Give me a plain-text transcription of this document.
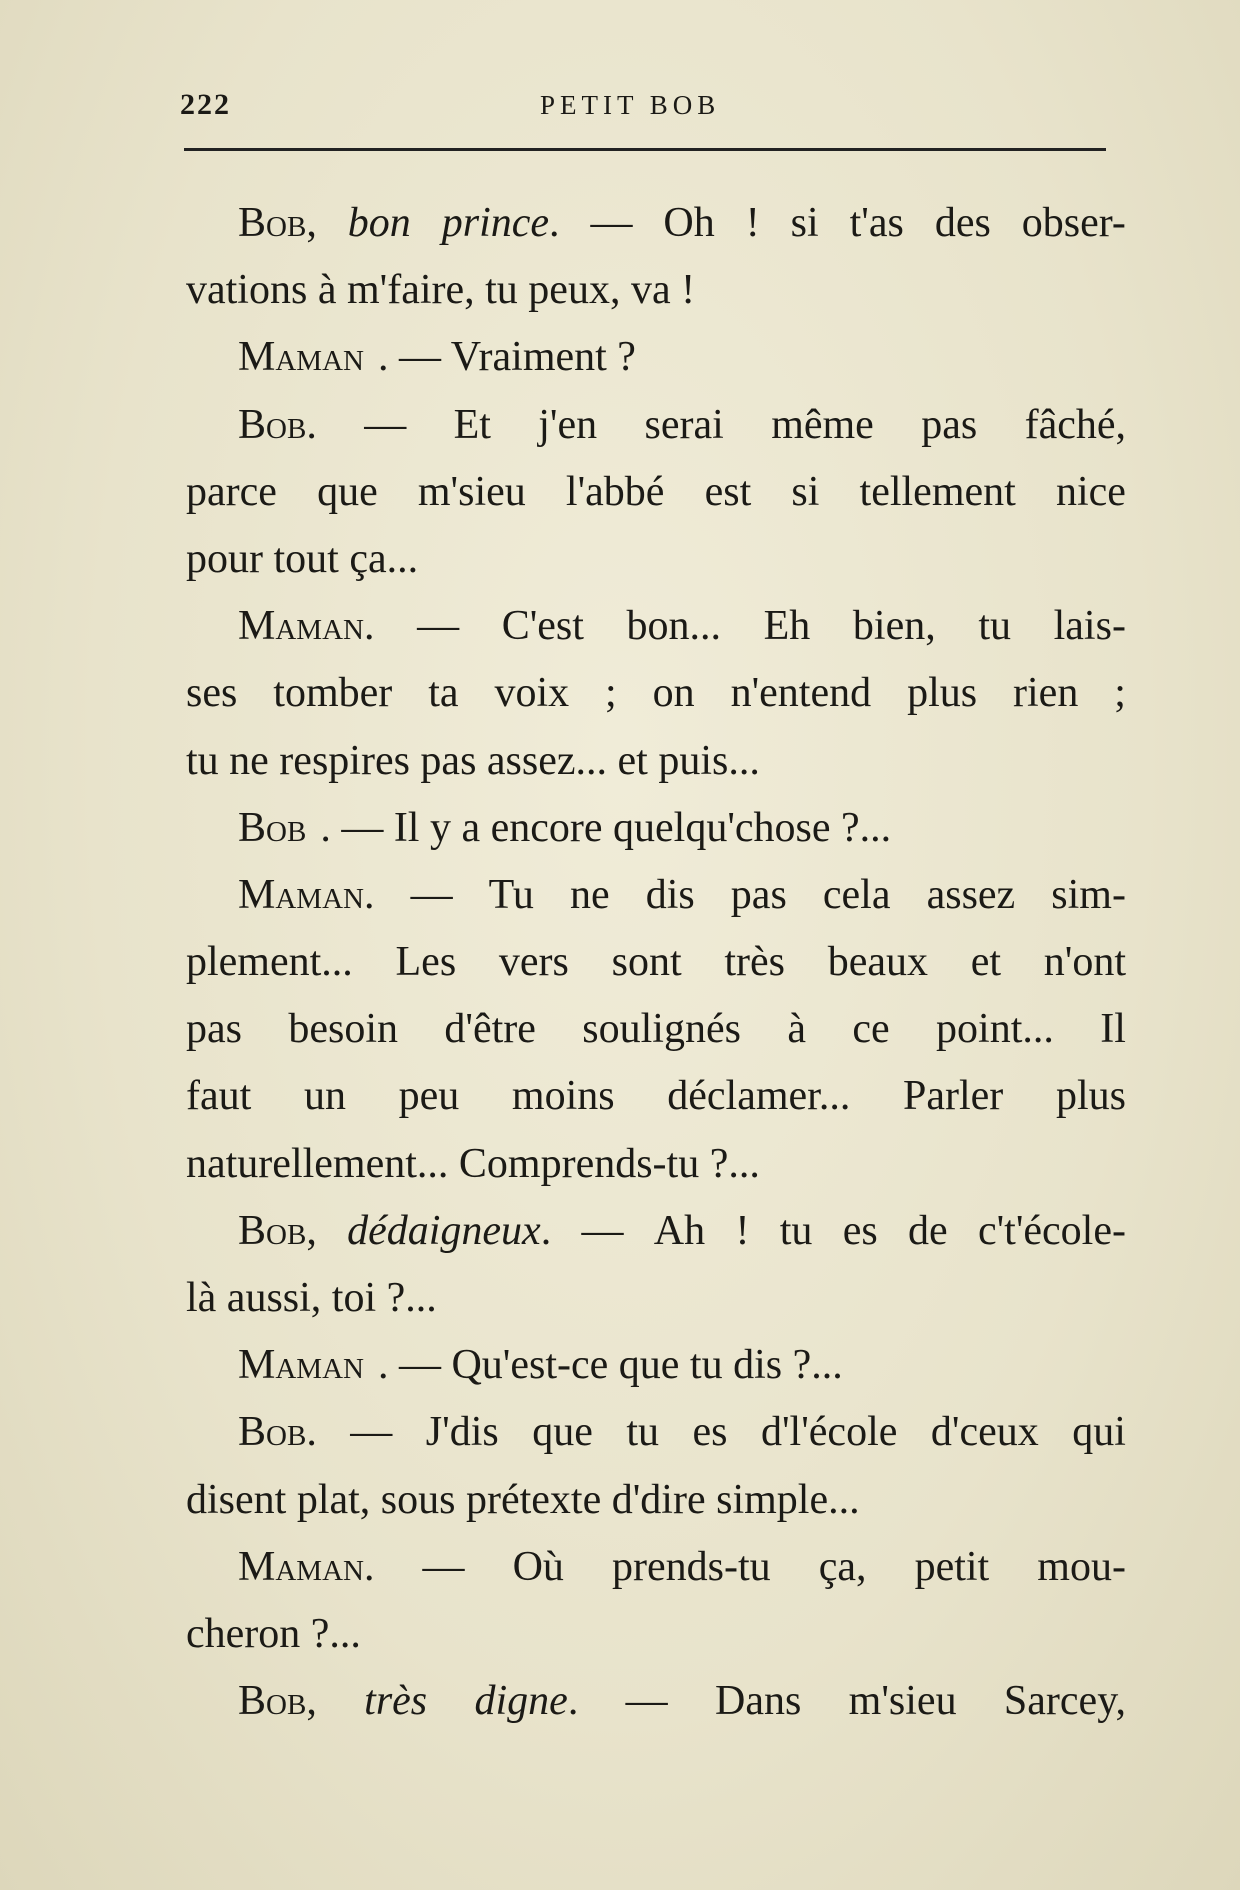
222	PETIT BOB
Bob, bon prince. — Oh ! si t'as des obser-
vations à m'faire, tu peux, va !
Maman . — Vraiment ?
Bob. — Et j'en serai même pas fâché,
parce que m'sieu l'abbé est si tellement nice
pour tout ça...
Maman. — C'est bon... Eh bien, tu lais-
ses tomber ta voix ; on n'entend plus rien ;
tu ne respires pas assez... et puis...
Bob . — Il y a encore quelqu'chose ?...
Maman. — Tu ne dis pas cela assez sim-
plement... Les vers sont très beaux et n'ont
pas besoin d'être soulignés à ce point... Il
faut un peu moins déclamer... Parler plus
naturellement... Comprends-tu ?...
Bob, dédaigneux. — Ah ! tu es de c't'école-
là aussi, toi ?...
Maman . — Qu'est-ce que tu dis ?...
Bob. — J'dis que tu es d'l'école d'ceux qui
disent plat, sous prétexte d'dire simple...
Maman. — Où prends-tu ça, petit mou-
cheron ?...
Bob, très digne. — Dans m'sieu Sarcey,
